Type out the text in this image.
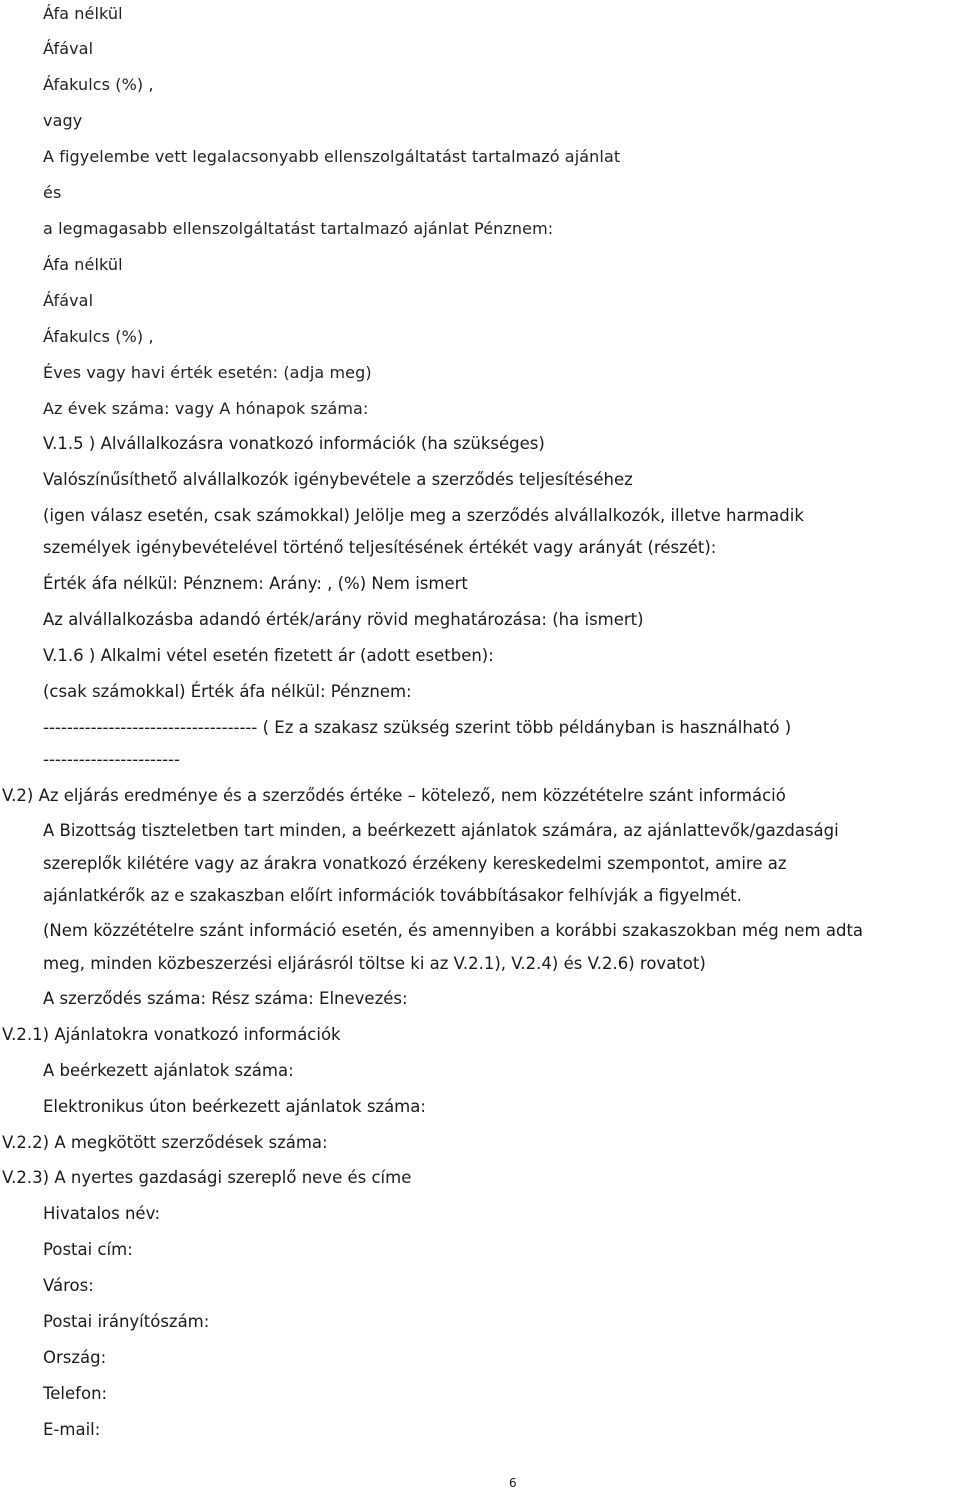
Áfa nélkül
Áfával
Áfakulcs (%) ,
vagy
A figyelembe vett legalacsonyabb ellenszolgáltatást tartalmazó ajánlat
és
a legmagasabb ellenszolgáltatást tartalmazó ajánlat Pénznem:
Áfa nélkül
Áfával
Áfakulcs (%) ,
Éves vagy havi érték esetén: (adja meg)
Az évek száma: vagy A hónapok száma:
V.1.5 ) Alvállalkozásra vonatkozó információk (ha szükséges)
Valószínűsíthető alvállalkozók igénybevétele a szerződés teljesítéséhez
(igen válasz esetén, csak számokkal) Jelölje meg a szerződés alvállalkozók, illetve harmadik
személyek igénybevételével történő teljesítésének értékét vagy arányát (részét):
Érték áfa nélkül: Pénznem: Arány: , (%) Nem ismert
Az alvállalkozásba adandó érték/arány rövid meghatározása: (ha ismert)
V.1.6 ) Alkalmi vétel esetén fizetett ár (adott esetben):
(csak számokkal) Érték áfa nélkül: Pénznem:
------------------------------------ ( Ez a szakasz szükség szerint több példányban is használható )
-----------------------
V.2) Az eljárás eredménye és a szerződés értéke – kötelező, nem közzétételre szánt információ
A Bizottság tiszteletben tart minden, a beérkezett ajánlatok számára, az ajánlattevők/gazdasági
szereplők kilétére vagy az árakra vonatkozó érzékeny kereskedelmi szempontot, amire az
ajánlatkérők az e szakaszban előírt információk továbbításakor felhívják a figyelmét.
(Nem közzétételre szánt információ esetén, és amennyiben a korábbi szakaszokban még nem adta
meg, minden közbeszerzési eljárásról töltse ki az V.2.1), V.2.4) és V.2.6) rovatot)
A szerződés száma: Rész száma: Elnevezés:
V.2.1) Ajánlatokra vonatkozó információk
A beérkezett ajánlatok száma:
Elektronikus úton beérkezett ajánlatok száma:
V.2.2) A megkötött szerződések száma:
V.2.3) A nyertes gazdasági szereplő neve és címe
Hivatalos név:
Postai cím:
Város:
Postai irányítószám:
Ország:
Telefon:
E-mail:
6
